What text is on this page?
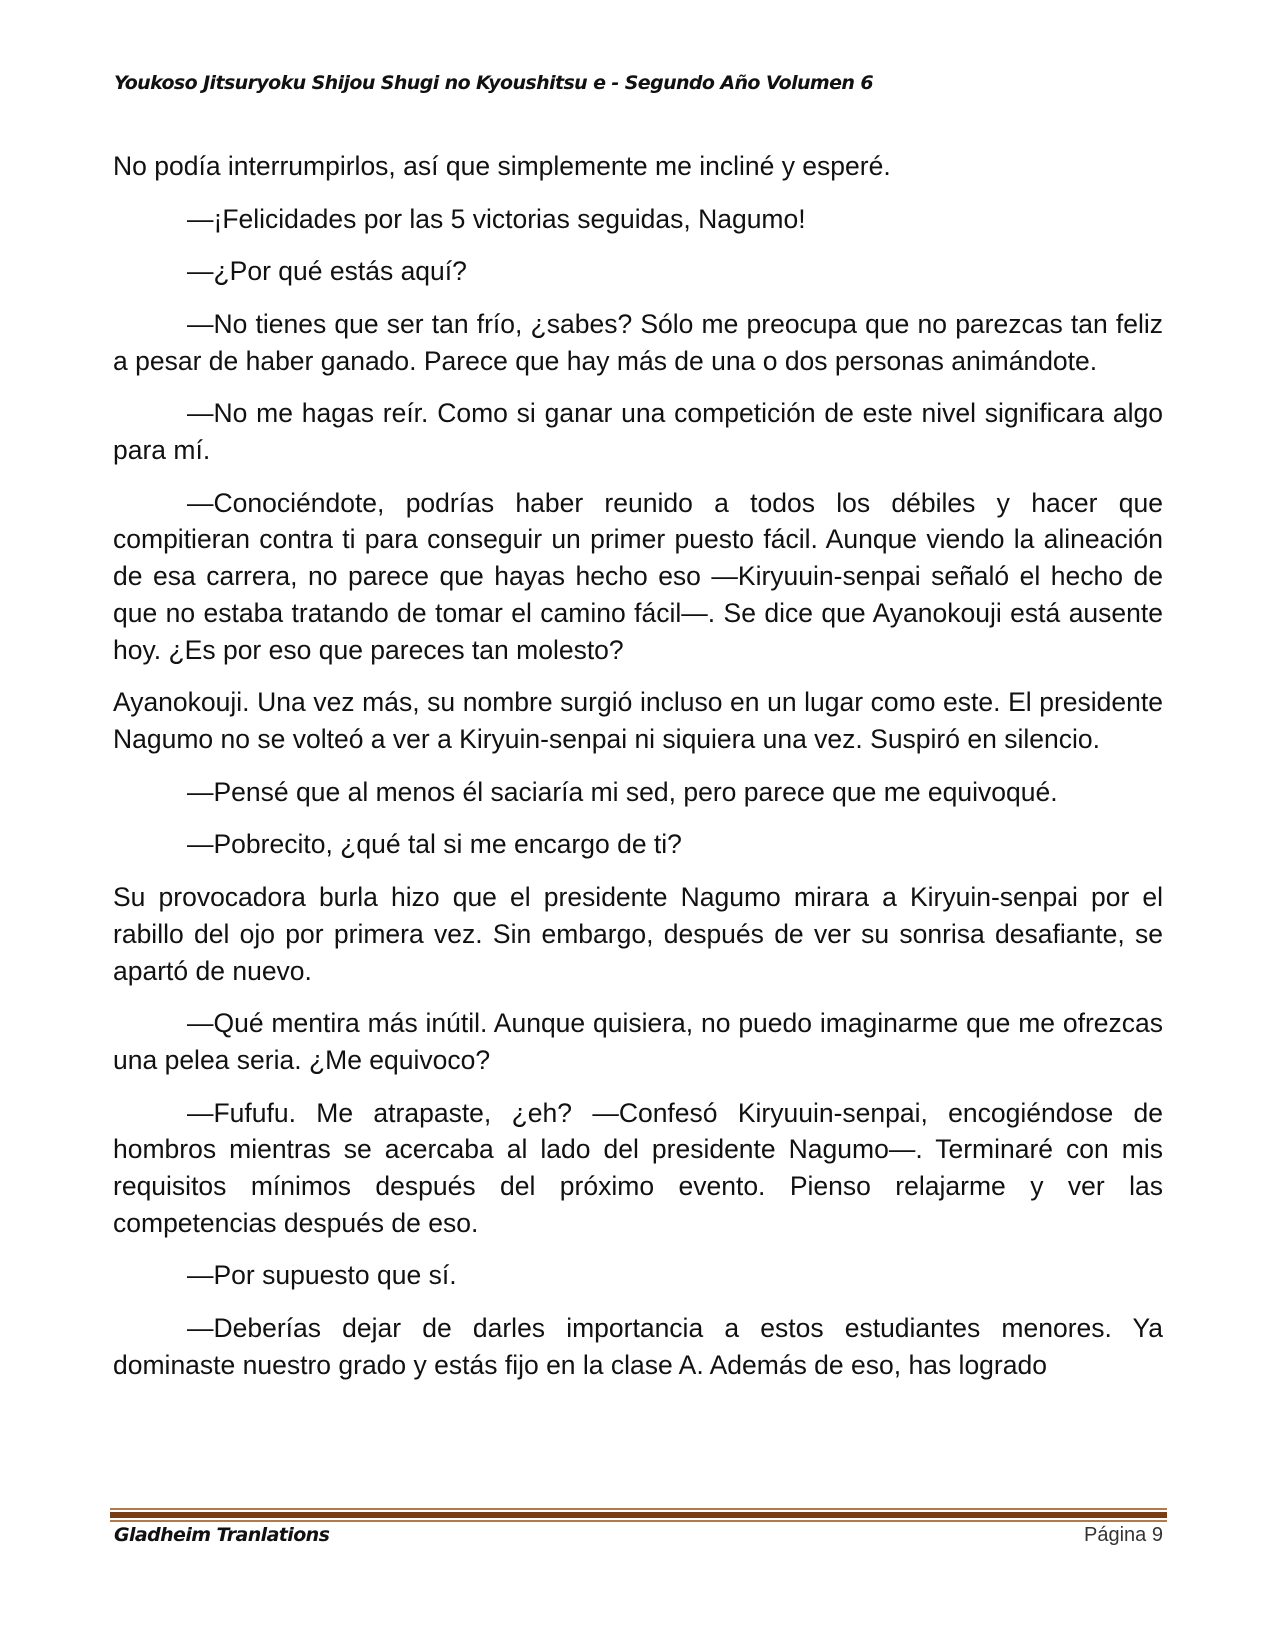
Youkoso Jitsuryoku Shijou Shugi no Kyoushitsu e - Segundo Año Volumen 6

No podía interrumpirlos, así que simplemente me incliné y esperé.

—¡Felicidades por las 5 victorias seguidas, Nagumo!

—¿Por qué estás aquí?

—No tienes que ser tan frío, ¿sabes? Sólo me preocupa que no parezcas tan feliz a pesar de haber ganado. Parece que hay más de una o dos personas animándote.

—No me hagas reír. Como si ganar una competición de este nivel significara algo para mí.

—Conociéndote, podrías haber reunido a todos los débiles y hacer que compitieran contra ti para conseguir un primer puesto fácil. Aunque viendo la alineación de esa carrera, no parece que hayas hecho eso —Kiryuuin-senpai señaló el hecho de que no estaba tratando de tomar el camino fácil—. Se dice que Ayanokouji está ausente hoy. ¿Es por eso que pareces tan molesto?

Ayanokouji. Una vez más, su nombre surgió incluso en un lugar como este. El presidente Nagumo no se volteó a ver a Kiryuin-senpai ni siquiera una vez. Suspiró en silencio.

—Pensé que al menos él saciaría mi sed, pero parece que me equivoqué.

—Pobrecito, ¿qué tal si me encargo de ti?

Su provocadora burla hizo que el presidente Nagumo mirara a Kiryuin-senpai por el rabillo del ojo por primera vez. Sin embargo, después de ver su sonrisa desafiante, se apartó de nuevo.

—Qué mentira más inútil. Aunque quisiera, no puedo imaginarme que me ofrezcas una pelea seria. ¿Me equivoco?

—Fufufu. Me atrapaste, ¿eh? —Confesó Kiryuuin-senpai, encogiéndose de hombros mientras se acercaba al lado del presidente Nagumo—. Terminaré con mis requisitos mínimos después del próximo evento. Pienso relajarme y ver las competencias después de eso.

—Por supuesto que sí.

—Deberías dejar de darles importancia a estos estudiantes menores. Ya dominaste nuestro grado y estás fijo en la clase A. Además de eso, has logrado

Gladheim Tranlations	Página 9
